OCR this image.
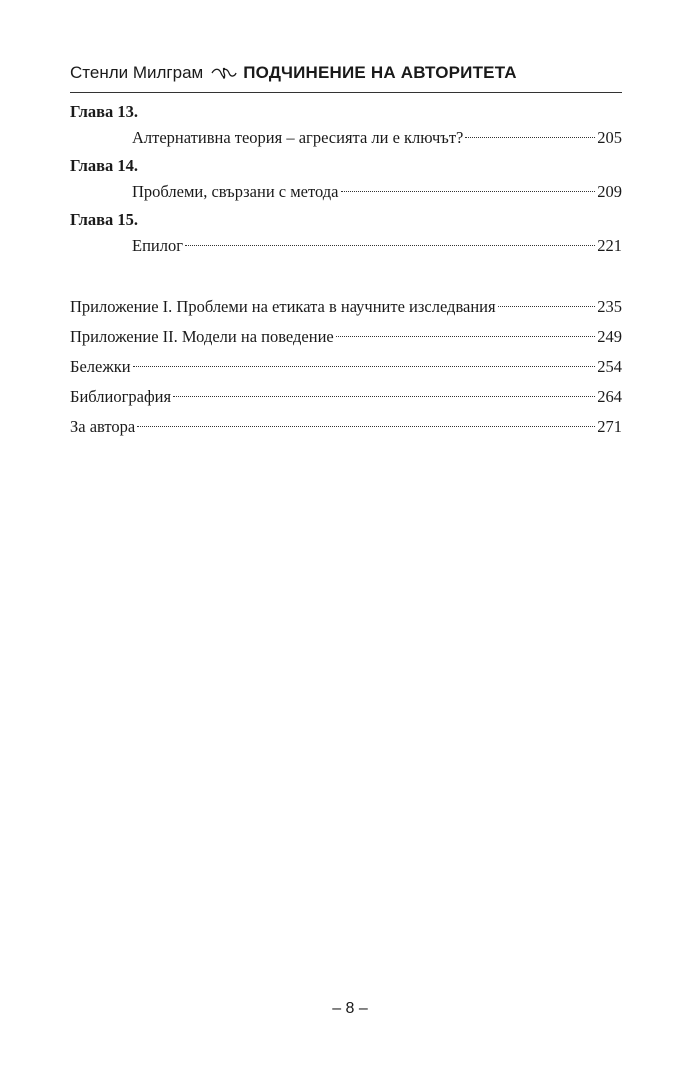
Стенли Милграм ПОДЧИНЕНИЕ НА АВТОРИТЕТА
Глава 13.
Алтернативна теория – агресията ли е ключът?	205
Глава 14.
Проблеми, свързани с метода	209
Глава 15.
Епилог	221
Приложение I. Проблеми на етиката в научните изследвания	235
Приложение II. Модели на поведение	249
Бележки	254
Библиография	264
За автора	271
– 8 –
